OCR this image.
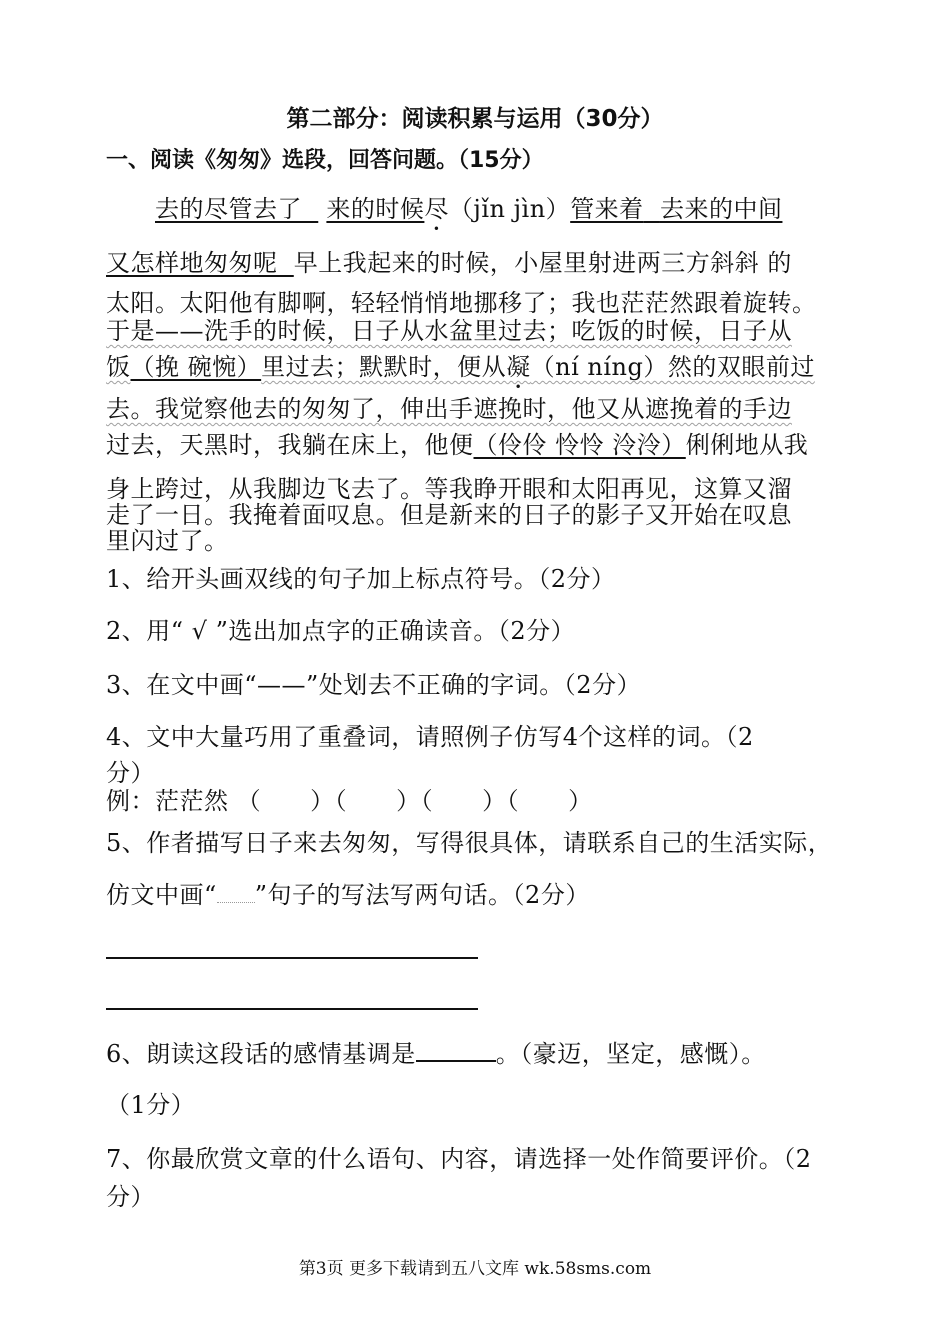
第二部分：阅读积累与运用（30分）
一、阅读《匆匆》选段，回答问题。（15分）
去的尽管去了 来的时候尽（jǐn jìn）管来着 去来的中间
又怎样地匆匆呢 早上我起来的时候，小屋里射进两三方斜斜 的
太阳。太阳他有脚啊，轻轻悄悄地挪移了；我也茫茫然跟着旋转。
于是——洗手的时候，日子从水盆里过去；吃饭的时候，日子从
饭（挽 碗惋）里过去；默默时，便从凝（ní níng）然的双眼前过
去。我觉察他去的匆匆了，伸出手遮挽时，他又从遮挽着的手边
过去，天黑时，我躺在床上，他便（伶伶 怜怜 泠泠）俐俐地从我
身上跨过，从我脚边飞去了。等我睁开眼和太阳再见，这算又溜
走了一日。我掩着面叹息。但是新来的日子的影子又开始在叹息
里闪过了。
1、给开头画双线的句子加上标点符号。（2分）
2、用“ √ ”选出加点字的正确读音。（2分）
3、在文中画“——”处划去不正确的字词。（2分）
4、文中大量巧用了重叠词，请照例子仿写4个这样的词。（2
分）
例：茫茫然 （　　）（　　）（　　）（　　）
5、作者描写日子来去匆匆，写得很具体，请联系自己的生活实际，
仿文中画“ ”句子的写法写两句话。（2分）
6、朗读这段话的感情基调是	。（豪迈，坚定，感慨）。
（1分）
7、你最欣赏文章的什么语句、内容，请选择一处作简要评价。（2
分）
第3页 更多下载请到五八文库 wk.58sms.com
